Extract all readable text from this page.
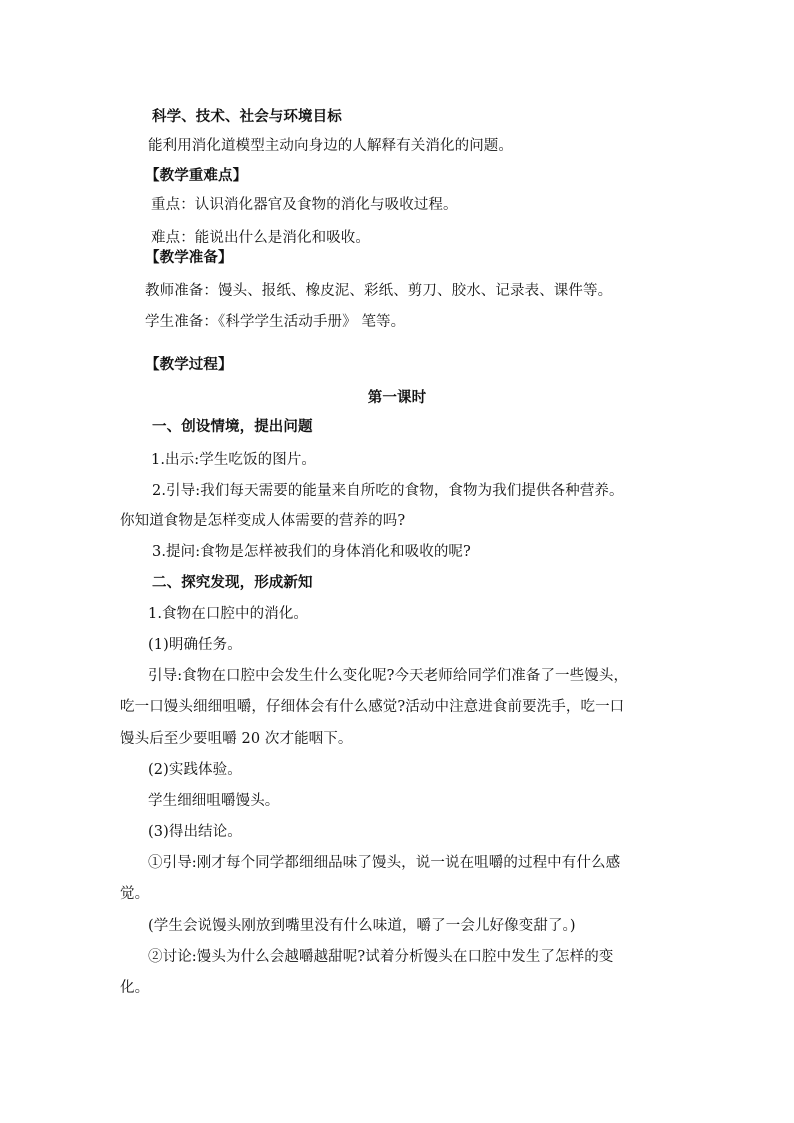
科学、技术、社会与环境目标
能利用消化道模型主动向身边的人解释有关消化的问题。
【教学重难点】
重点：认识消化器官及食物的消化与吸收过程。
难点：能说出什么是消化和吸收。
【教学准备】
教师准备：馒头、报纸、橡皮泥、彩纸、剪刀、胶水、记录表、课件等。
学生准备：《科学学生活动手册》 笔等。
【教学过程】
第一课时
一、创设情境，提出问题
1.出示:学生吃饭的图片。
2.引导:我们每天需要的能量来自所吃的食物，食物为我们提供各种营养。
你知道食物是怎样变成人体需要的营养的吗?
3.提问:食物是怎样被我们的身体消化和吸收的呢?
二、探究发现，形成新知
1.食物在口腔中的消化。
(1)明确任务。
引导:食物在口腔中会发生什么变化呢?今天老师给同学们准备了一些馒头，
吃一口馒头细细咀嚼，仔细体会有什么感觉?活动中注意进食前要洗手，吃一口
馒头后至少要咀嚼 20 次才能咽下。
(2)实践体验。
学生细细咀嚼馒头。
(3)得出结论。
①引导:刚才每个同学都细细品味了馒头，说一说在咀嚼的过程中有什么感
觉。
(学生会说馒头刚放到嘴里没有什么味道，嚼了一会儿好像变甜了。)
②讨论:馒头为什么会越嚼越甜呢?试着分析馒头在口腔中发生了怎样的变
化。
